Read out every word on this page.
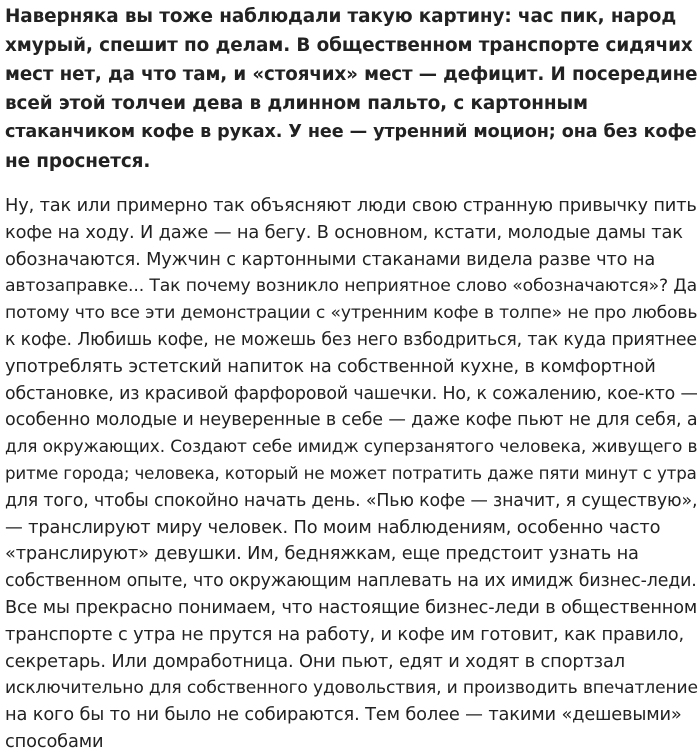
Наверняка вы тоже наблюдали такую картину: час пик, народ
хмурый, спешит по делам. В общественном транспорте сидячих
мест нет, да что там, и «стоячих» мест — дефицит. И посередине
всей этой толчеи дева в длинном пальто, с картонным
стаканчиком кофе в руках. У нее — утренний моцион; она без кофе
не проснется.

Ну, так или примерно так объясняют люди свою странную привычку пить
кофе на ходу. И даже — на бегу. В основном, кстати, молодые дамы так
обозначаются. Мужчин с картонными стаканами видела разве что на
автозаправке... Так почему возникло неприятное слово «обозначаются»? Да
потому что все эти демонстрации с «утренним кофе в толпе» не про любовь
к кофе. Любишь кофе, не можешь без него взбодриться, так куда приятнее
употреблять эстетский напиток на собственной кухне, в комфортной
обстановке, из красивой фарфоровой чашечки. Но, к сожалению, кое-кто —
особенно молодые и неуверенные в себе — даже кофе пьют не для себя, а
для окружающих. Создают себе имидж суперзанятого человека, живущего в
ритме города; человека, который не может потратить даже пяти минут с утра
для того, чтобы спокойно начать день. «Пью кофе — значит, я существую»,
— транслируют миру человек. По моим наблюдениям, особенно часто
«транслируют» девушки. Им, бедняжкам, еще предстоит узнать на
собственном опыте, что окружающим наплевать на их имидж бизнес-леди.
Все мы прекрасно понимаем, что настоящие бизнес-леди в общественном
транспорте с утра не прутся на работу, и кофе им готовит, как правило,
секретарь. Или домработница. Они пьют, едят и ходят в спортзал
исключительно для собственного удовольствия, и производить впечатление
на кого бы то ни было не собираются. Тем более — такими «дешевыми»
способами
